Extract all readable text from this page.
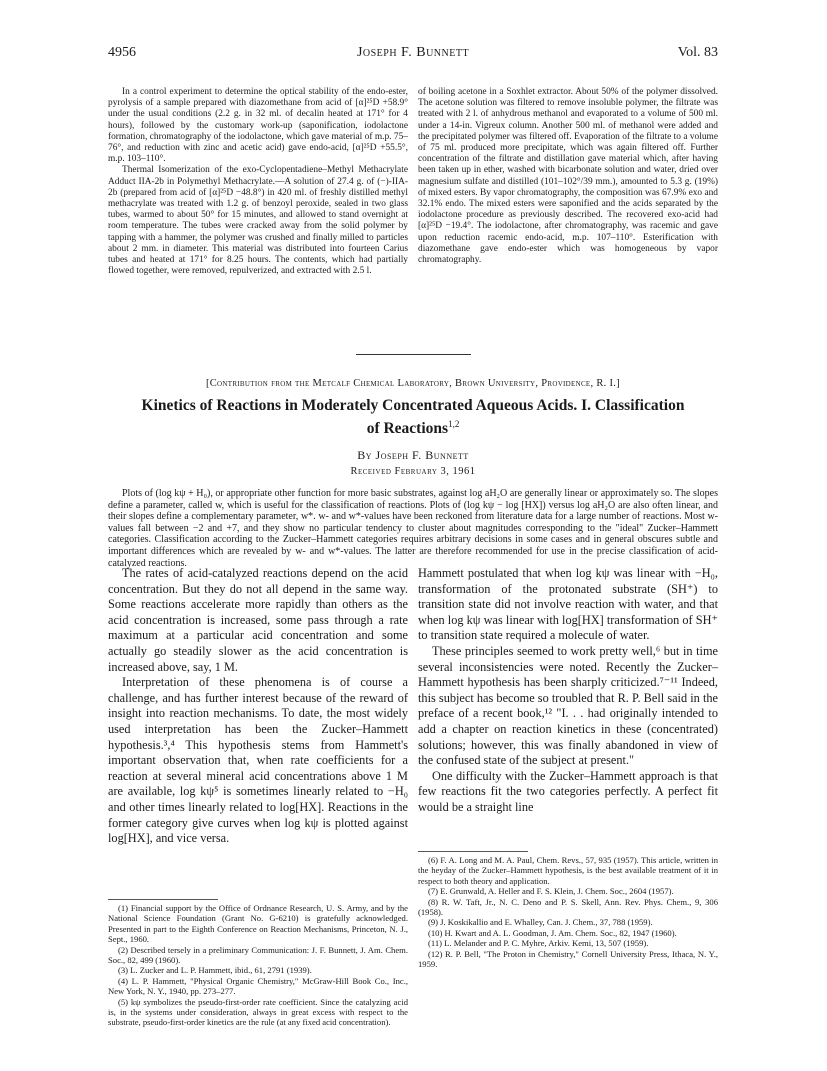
4956	Joseph F. Bunnett	Vol. 83

In a control experiment to determine the optical stability of the endo-ester, pyrolysis of a sample prepared with diazomethane from acid of [α]²⁵D +58.9° under the usual conditions (2.2 g. in 32 ml. of decalin heated at 171° for 4 hours), followed by the customary work-up (saponification, iodolactone formation, chromatography of the iodolactone, which gave material of m.p. 75–76°, and reduction with zinc and acetic acid) gave endo-acid, [α]²⁵D +55.5°, m.p. 103–110°.

Thermal Isomerization of the exo-Cyclopentadiene–Methyl Methacrylate Adduct IIA-2b in Polymethyl Methacrylate.—A solution of 27.4 g. of (−)-IIA-2b (prepared from acid of [α]²⁵D −48.8°) in 420 ml. of freshly distilled methyl methacrylate was treated with 1.2 g. of benzoyl peroxide, sealed in two glass tubes, warmed to about 50° for 15 minutes, and allowed to stand overnight at room temperature. The tubes were cracked away from the solid polymer by tapping with a hammer, the polymer was crushed and finally milled to particles about 2 mm. in diameter. This material was distributed into fourteen Carius tubes and heated at 171° for 8.25 hours. The contents, which had partially flowed together, were removed, repulverized, and extracted with 2.5 l.

of boiling acetone in a Soxhlet extractor. About 50% of the polymer dissolved. The acetone solution was filtered to remove insoluble polymer, the filtrate was treated with 2 l. of anhydrous methanol and evaporated to a volume of 500 ml. under a 14-in. Vigreux column. Another 500 ml. of methanol were added and the precipitated polymer was filtered off. Evaporation of the filtrate to a volume of 75 ml. produced more precipitate, which was again filtered off. Further concentration of the filtrate and distillation gave material which, after having been taken up in ether, washed with bicarbonate solution and water, dried over magnesium sulfate and distilled (101–102°/39 mm.), amounted to 5.3 g. (19%) of mixed esters. By vapor chromatography, the composition was 67.9% exo and 32.1% endo. The mixed esters were saponified and the acids separated by the iodolactone procedure as previously described. The recovered exo-acid had [α]²⁵D −19.4°. The iodolactone, after chromatography, was racemic and gave upon reduction racemic endo-acid, m.p. 107–110°. Esterification with diazomethane gave endo-ester which was homogeneous by vapor chromatography.

[Contribution from the Metcalf Chemical Laboratory, Brown University, Providence, R. I.]
Kinetics of Reactions in Moderately Concentrated Aqueous Acids. I. Classification
of Reactions$^{1,2}$
By Joseph F. Bunnett
Received February 3, 1961

Plots of (log kψ + H₀), or appropriate other function for more basic substrates, against log aH₂O are generally linear or approximately so. The slopes define a parameter, called w, which is useful for the classification of reactions. Plots of (log kψ − log [HX]) versus log aH₂O are also often linear, and their slopes define a complementary parameter, w*. w- and w*-values have been reckoned from literature data for a large number of reactions. Most w-values fall between −2 and +7, and they show no particular tendency to cluster about magnitudes corresponding to the "ideal" Zucker–Hammett categories. Classification according to the Zucker–Hammett categories requires arbitrary decisions in some cases and in general obscures subtle and important differences which are revealed by w- and w*-values. The latter are therefore recommended for use in the precise classification of acid-catalyzed reactions.

The rates of acid-catalyzed reactions depend on the acid concentration. But they do not all depend in the same way. Some reactions accelerate more rapidly than others as the acid concentration is increased, some pass through a rate maximum at a particular acid concentration and some actually go steadily slower as the acid concentration is increased above, say, 1 M.

Interpretation of these phenomena is of course a challenge, and has further interest because of the reward of insight into reaction mechanisms. To date, the most widely used interpretation has been the Zucker–Hammett hypothesis.³,⁴ This hypothesis stems from Hammett's important observation that, when rate coefficients for a reaction at several mineral acid concentrations above 1 M are available, log kψ⁵ is sometimes linearly related to −H₀ and other times linearly related to log[HX]. Reactions in the former category give curves when log kψ is plotted against log[HX], and vice versa.

Hammett postulated that when log kψ was linear with −H₀, transformation of the protonated substrate (SH⁺) to transition state did not involve reaction with water, and that when log kψ was linear with log[HX] transformation of SH⁺ to transition state required a molecule of water.

These principles seemed to work pretty well,⁶ but in time several inconsistencies were noted. Recently the Zucker–Hammett hypothesis has been sharply criticized.⁷⁻¹¹ Indeed, this subject has become so troubled that R. P. Bell said in the preface of a recent book,¹² "I. . . had originally intended to add a chapter on reaction kinetics in these (concentrated) solutions; however, this was finally abandoned in view of the confused state of the subject at present."

One difficulty with the Zucker–Hammett approach is that few reactions fit the two categories perfectly. A perfect fit would be a straight line

(1) Financial support by the Office of Ordnance Research, U. S. Army, and by the National Science Foundation (Grant No. G-6210) is gratefully acknowledged. Presented in part to the Eighth Conference on Reaction Mechanisms, Princeton, N. J., Sept., 1960.

(2) Described tersely in a preliminary Communication: J. F. Bunnett, J. Am. Chem. Soc., 82, 499 (1960).

(3) L. Zucker and L. P. Hammett, ibid., 61, 2791 (1939).

(4) L. P. Hammett, "Physical Organic Chemistry," McGraw-Hill Book Co., Inc., New York, N. Y., 1940, pp. 273–277.

(5) kψ symbolizes the pseudo-first-order rate coefficient. Since the catalyzing acid is, in the systems under consideration, always in great excess with respect to the substrate, pseudo-first-order kinetics are the rule (at any fixed acid concentration).

(6) F. A. Long and M. A. Paul, Chem. Revs., 57, 935 (1957). This article, written in the heyday of the Zucker–Hammett hypothesis, is the best available treatment of it in respect to both theory and application.

(7) E. Grunwald, A. Heller and F. S. Klein, J. Chem. Soc., 2604 (1957).

(8) R. W. Taft, Jr., N. C. Deno and P. S. Skell, Ann. Rev. Phys. Chem., 9, 306 (1958).

(9) J. Koskikallio and E. Whalley, Can. J. Chem., 37, 788 (1959).

(10) H. Kwart and A. L. Goodman, J. Am. Chem. Soc., 82, 1947 (1960).

(11) L. Melander and P. C. Myhre, Arkiv. Kemi, 13, 507 (1959).

(12) R. P. Bell, "The Proton in Chemistry," Cornell University Press, Ithaca, N. Y., 1959.
